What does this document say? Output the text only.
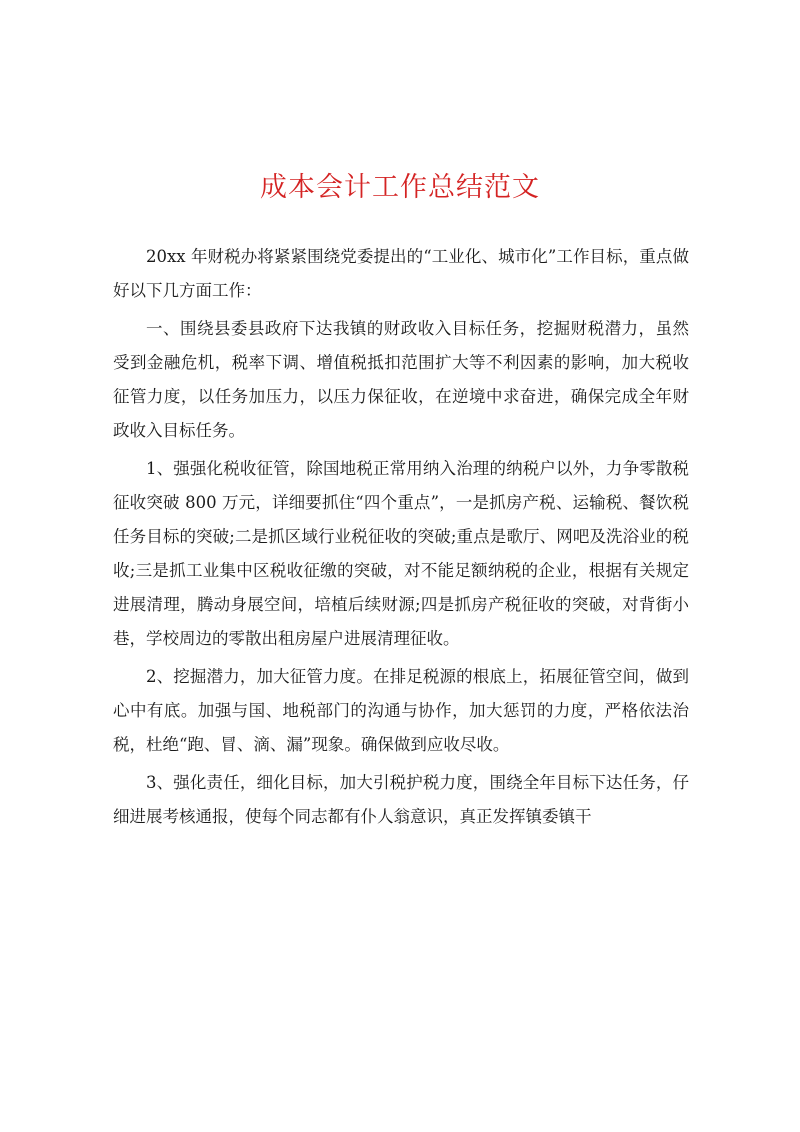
成本会计工作总结范文

20xx 年财税办将紧紧围绕党委提出的“工业化、城市化”工作目标，重点做好以下几方面工作：

一、围绕县委县政府下达我镇的财政收入目标任务，挖掘财税潜力，虽然受到金融危机，税率下调、增值税抵扣范围扩大等不利因素的影响，加大税收征管力度，以任务加压力，以压力保征收，在逆境中求奋进，确保完成全年财政收入目标任务。

1、强强化税收征管，除国地税正常用纳入治理的纳税户以外，力争零散税征收突破 800 万元，详细要抓住“四个重点”，一是抓房产税、运输税、餐饮税任务目标的突破;二是抓区域行业税征收的突破;重点是歌厅、网吧及洗浴业的税收;三是抓工业集中区税收征缴的突破，对不能足额纳税的企业，根据有关规定进展清理，腾动身展空间，培植后续财源;四是抓房产税征收的突破，对背街小巷，学校周边的零散出租房屋户进展清理征收。

2、挖掘潜力，加大征管力度。在排足税源的根底上，拓展征管空间，做到心中有底。加强与国、地税部门的沟通与协作，加大惩罚的力度，严格依法治税，杜绝“跑、冒、滴、漏”现象。确保做到应收尽收。

3、强化责任，细化目标，加大引税护税力度，围绕全年目标下达任务，仔细进展考核通报，使每个同志都有仆人翁意识，真正发挥镇委镇干
